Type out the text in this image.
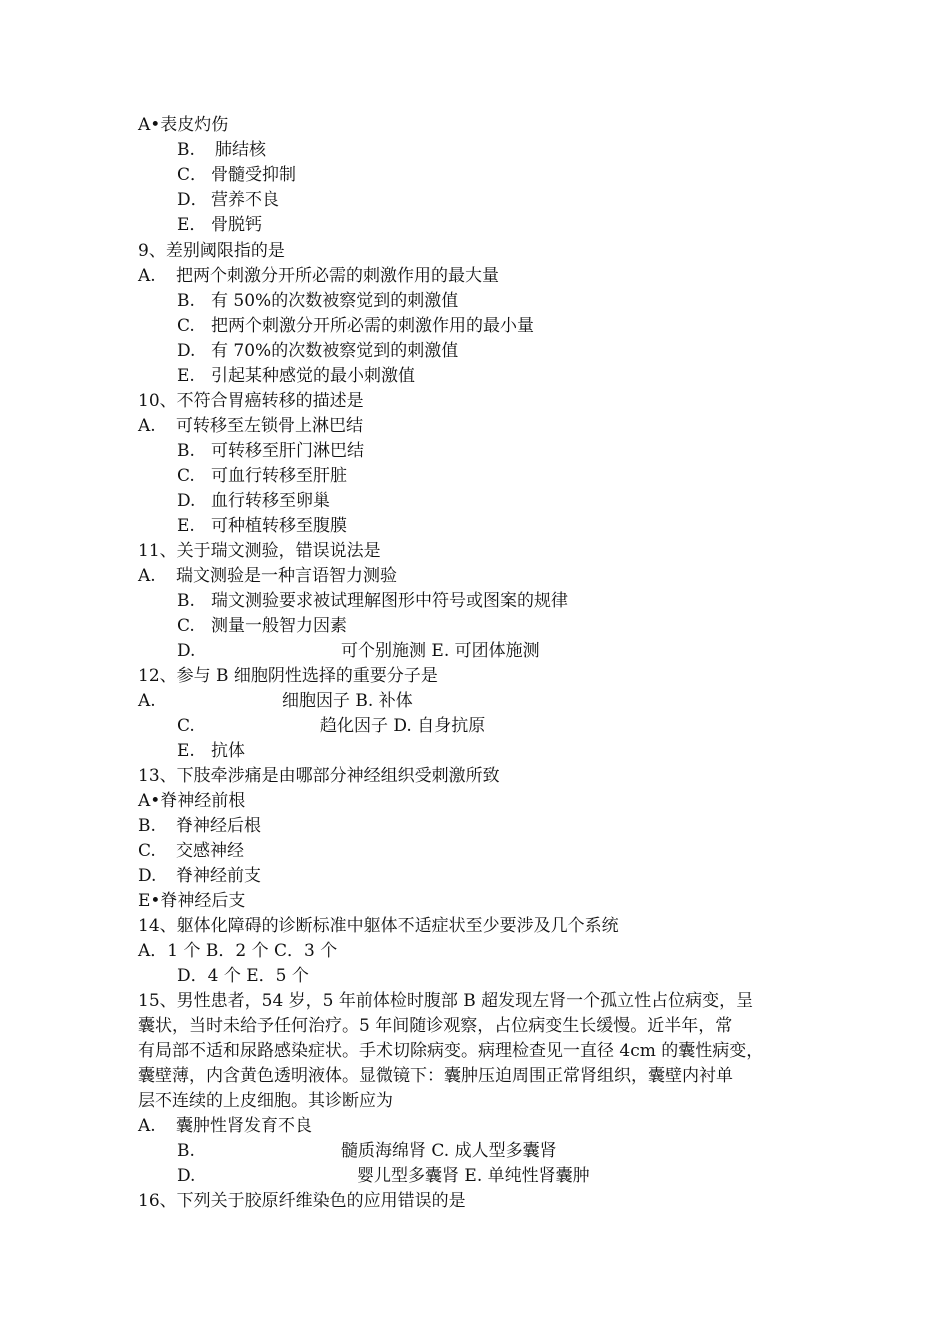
A•表皮灼伤
B. 肺结核
C． 骨髓受抑制
D． 营养不良
E． 骨脱钙
9、差别阈限指的是
A. 把两个刺激分开所必需的刺激作用的最大量
B. 有 50%的次数被察觉到的刺激值
C. 把两个刺激分开所必需的刺激作用的最小量
D. 有 70%的次数被察觉到的刺激值
E. 引起某种感觉的最小刺激值
10、不符合胃癌转移的描述是
A. 可转移至左锁骨上淋巴结
B. 可转移至肝门淋巴结
C. 可血行转移至肝脏
D. 血行转移至卵巢
E. 可种植转移至腹膜
11、关于瑞文测验，错误说法是
A. 瑞文测验是一种言语智力测验
B. 瑞文测验要求被试理解图形中符号或图案的规律
C. 测量一般智力因素
D.	可个别施测 E. 可团体施测
12、参与 B 细胞阴性选择的重要分子是
A.	细胞因子 B. 补体
C.	趋化因子 D. 自身抗原
E. 抗体
13、下肢牵涉痛是由哪部分神经组织受刺激所致
A•脊神经前根
B. 脊神经后根
C. 交感神经
D. 脊神经前支
E•脊神经后支
14、躯体化障碍的诊断标准中躯体不适症状至少要涉及几个系统
A．1 个 B．2 个 C．3 个
D．4 个 E．5 个
15、男性患者，54 岁，5 年前体检时腹部 B 超发现左肾一个孤立性占位病变，呈
囊状，当时未给予任何治疗。5 年间随诊观察，占位病变生长缓慢。近半年，常
有局部不适和尿路感染症状。手术切除病变。病理检查见一直径 4cm 的囊性病变，
囊壁薄，内含黄色透明液体。显微镜下：囊肿压迫周围正常肾组织，囊壁内衬单
层不连续的上皮细胞。其诊断应为
A. 囊肿性肾发育不良
B.	髓质海绵肾 C. 成人型多囊肾
D.	婴儿型多囊肾 E. 单纯性肾囊肿
16、下列关于胶原纤维染色的应用错误的是
